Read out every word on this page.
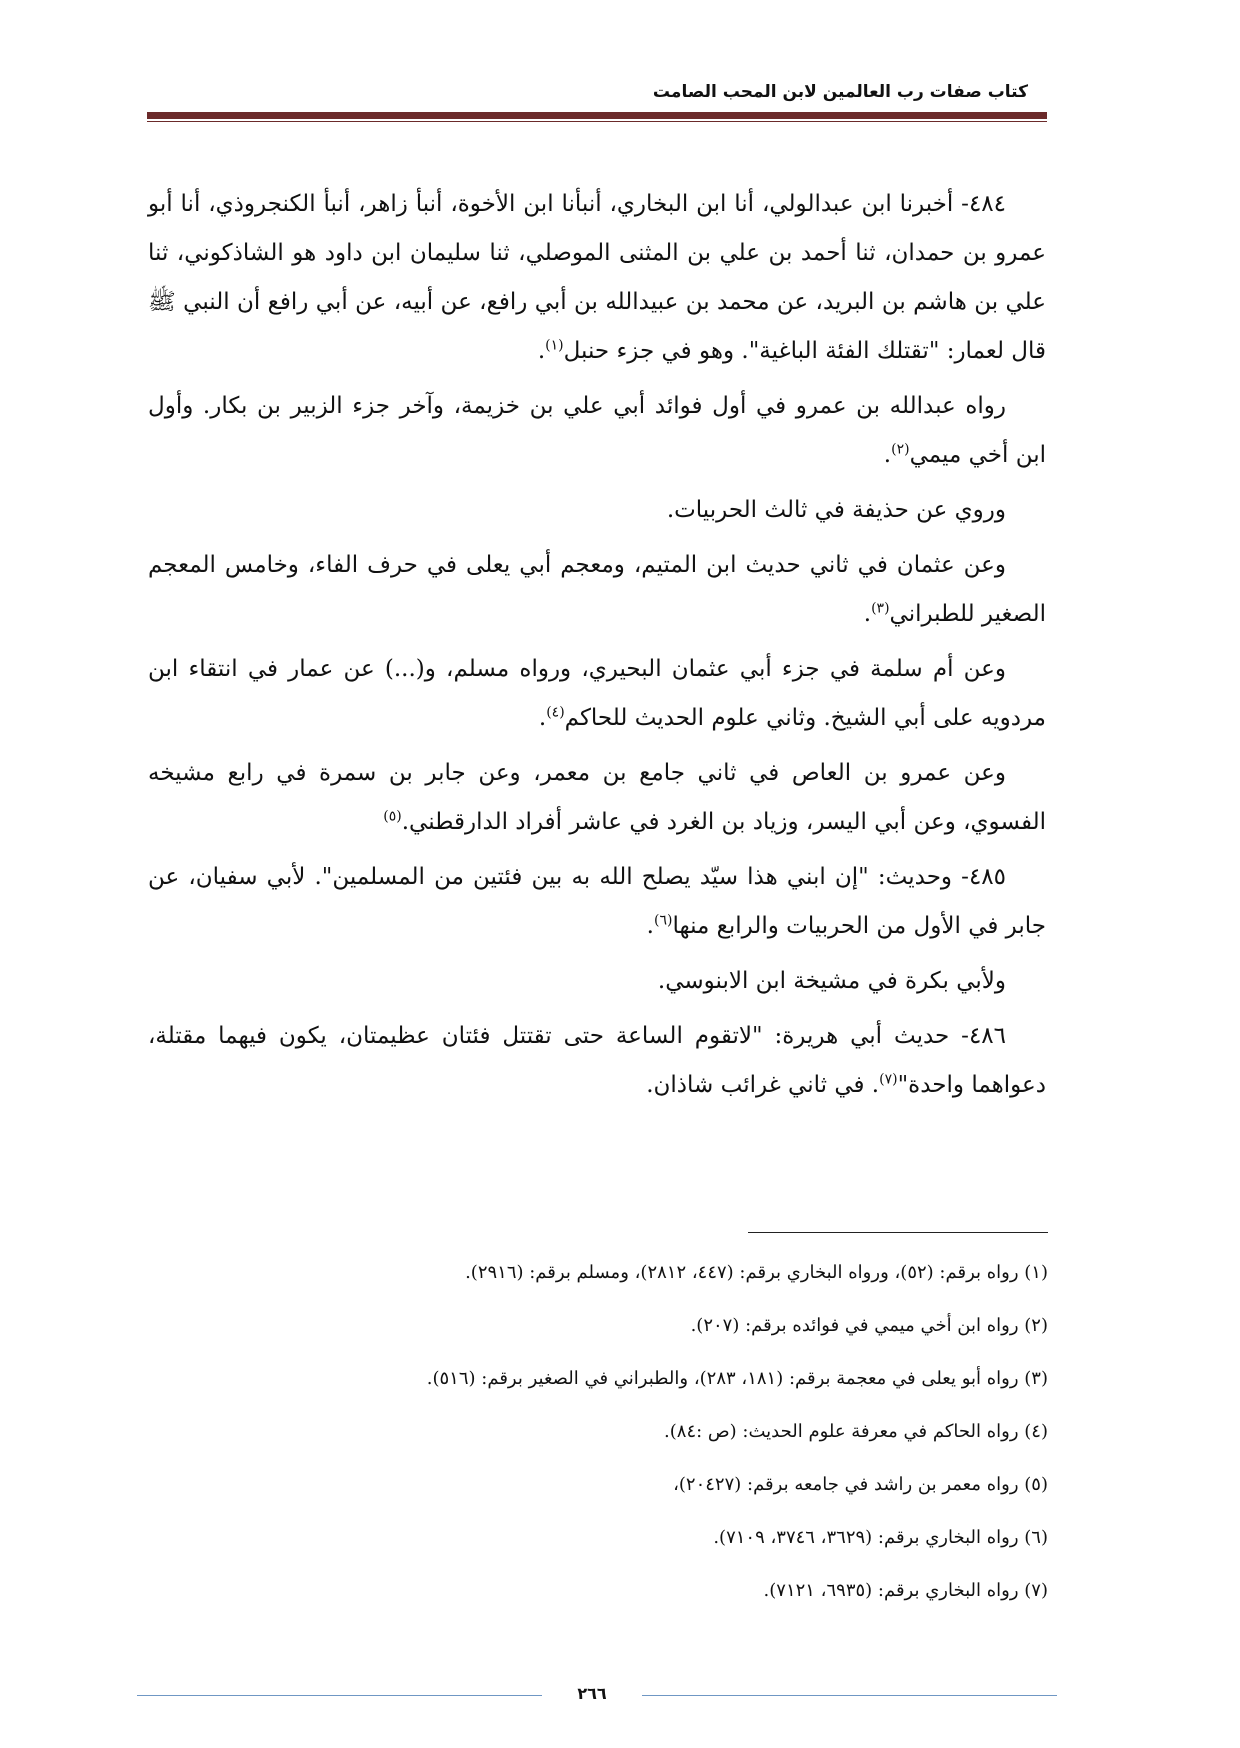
كتاب صفات رب العالمين لابن المحب الصامت

٤٨٤- أخبرنا ابن عبدالولي، أنا ابن البخاري، أنبأنا ابن الأخوة، أنبأ زاهر، أنبأ الكنجروذي، أنا أبو عمرو بن حمدان، ثنا أحمد بن علي بن المثنى الموصلي، ثنا سليمان ابن داود هو الشاذكوني، ثنا علي بن هاشم بن البريد، عن محمد بن عبيدالله بن أبي رافع، عن أبيه، عن أبي رافع أن النبي ﷺ قال لعمار: "تقتلك الفئة الباغية". وهو في جزء حنبل$^{(١)}$.

رواه عبدالله بن عمرو في أول فوائد أبي علي بن خزيمة، وآخر جزء الزبير بن بكار. وأول ابن أخي ميمي$^{(٢)}$.

وروي عن حذيفة في ثالث الحربيات.

وعن عثمان في ثاني حديث ابن المتيم، ومعجم أبي يعلى في حرف الفاء، وخامس المعجم الصغير للطبراني$^{(٣)}$.

وعن أم سلمة في جزء أبي عثمان البحيري، ورواه مسلم، و(...) عن عمار في انتقاء ابن مردويه على أبي الشيخ. وثاني علوم الحديث للحاكم$^{(٤)}$.

وعن عمرو بن العاص في ثاني جامع بن معمر، وعن جابر بن سمرة في رابع مشيخه الفسوي، وعن أبي اليسر، وزياد بن الغرد في عاشر أفراد الدارقطني.$^{(٥)}$

٤٨٥- وحديث: "إن ابني هذا سيّد يصلح الله به بين فئتين من المسلمين". لأبي سفيان، عن جابر في الأول من الحربيات والرابع منها$^{(٦)}$.

ولأبي بكرة في مشيخة ابن الابنوسي.

٤٨٦- حديث أبي هريرة: "لاتقوم الساعة حتى تقتتل فئتان عظيمتان، يكون فيهما مقتلة، دعواهما واحدة"$^{(٧)}$. في ثاني غرائب شاذان.

(١) رواه برقم: (٥٢)، ورواه البخاري برقم: (٤٤٧، ٢٨١٢)، ومسلم برقم: (٢٩١٦).

(٢) رواه ابن أخي ميمي في فوائده برقم: (٢٠٧).

(٣) رواه أبو يعلى في معجمة برقم: (١٨١، ٢٨٣)، والطبراني في الصغير برقم: (٥١٦).

(٤) رواه الحاكم في معرفة علوم الحديث: (ص :٨٤).

(٥) رواه معمر بن راشد في جامعه برقم: (٢٠٤٢٧)،

(٦) رواه البخاري برقم: (٣٦٢٩، ٣٧٤٦، ٧١٠٩).

(٧) رواه البخاري برقم: (٦٩٣٥، ٧١٢١).

٢٦٦
